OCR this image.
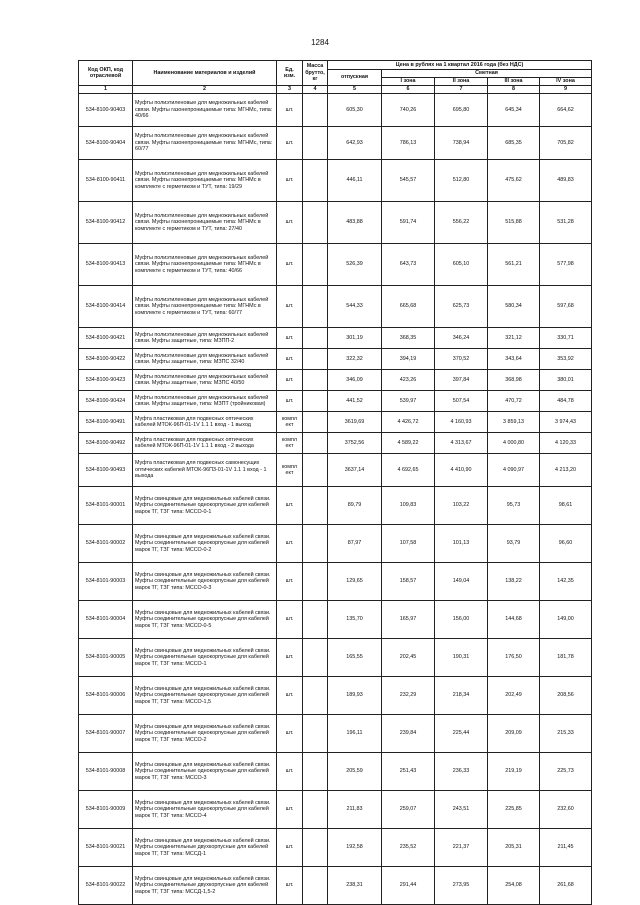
1284
Код ОКП, код отраслевой	Наименование материалов и изделий	Ед. изм.	Масса брутто, кг	Цена в рублях на 1 квартал 2016 года (без НДС)				
				отпускная	Сметная			
					I зона	II зона	III зона	IV зона
1	2	3	4	5	6	7	8	9
534-8100-90403	Муфты полиэтиленовые для медножильных кабелей связи. Муфты газонепроницаемые типа: МГНМс, типа: 40/66	шт.		605,30	740,26	695,80	645,34	664,62
534-8100-90404	Муфты полиэтиленовые для медножильных кабелей связи. Муфты газонепроницаемые типа: МГНМс, типа: 60/77	шт.		642,93	786,13	738,94	685,35	705,82
534-8100-90411	Муфты полиэтиленовые для медножильных кабелей связи. Муфты газонепроницаемые типа: МГНМс в комплекте с герметиком и ТУТ, типа: 19/29	шт.		446,11	545,57	512,80	475,62	489,83
534-8100-90412	Муфты полиэтиленовые для медножильных кабелей связи. Муфты газонепроницаемые типа: МГНМс в комплекте с герметиком и ТУТ, типа: 27/40	шт.		483,88	591,74	556,22	515,88	531,28
534-8100-90413	Муфты полиэтиленовые для медножильных кабелей связи. Муфты газонепроницаемые типа: МГНМс в комплекте с герметиком и ТУТ, типа: 40/66	шт.		526,39	643,73	605,10	561,21	577,98
534-8100-90414	Муфты полиэтиленовые для медножильных кабелей связи. Муфты газонепроницаемые типа: МГНМс в комплекте с герметиком и ТУТ, типа: 60/77	шт.		544,33	665,68	625,73	580,34	597,68
534-8100-90421	Муфты полиэтиленовые для медножильных кабелей связи. Муфты защитные, типа: МЗПП-2	шт.		301,19	368,35	346,24	321,12	330,71
534-8100-90422	Муфты полиэтиленовые для медножильных кабелей связи. Муфты защитные, типа: МЗПС 32/40	шт.		322,32	394,19	370,52	343,64	353,92
534-8100-90423	Муфты полиэтиленовые для медножильных кабелей связи. Муфты защитные, типа: МЗПС 40/50	шт.		346,09	423,26	397,84	368,98	380,01
534-8100-90424	Муфты полиэтиленовые для медножильных кабелей связи. Муфты защитные, типа: МЗПТ (тройниковая)	шт.		441,52	539,97	507,54	470,72	484,78
534-8100-90491	Муфта пластиковая для подвесных оптических кабелей МТОК-96П-01-1V 1.1 1 вход - 1 выход	компл ект		3619,69	4 426,72	4 160,93	3 859,13	3 974,43
534-8100-90492	Муфта пластиковая для подвесных оптических кабелей МТОК-96П-01-1V 1.1 1 вход - 2 выхода	компл ект		3752,56	4 589,22	4 313,67	4 000,80	4 120,33
534-8100-90493	Муфта пластиковая для подвесных самонесущих оптических кабелей МТОК-96П3-01-1V 1.1 1 вход - 1 выхода	компл ект		3637,14	4 692,65	4 410,90	4 090,97	4 213,20
534-8101-90001	Муфты свинцовые для медножильных кабелей связи. Муфты соединительные однокорпусные для кабелей марок ТГ, ТЗГ типа: МССО-0-1	шт.		89,79	109,83	103,22	95,73	98,61
534-8101-90002	Муфты свинцовые для медножильных кабелей связи. Муфты соединительные однокорпусные для кабелей марок ТГ, ТЗГ типа: МССО-0-2	шт.		87,97	107,58	101,13	93,79	96,60
534-8101-90003	Муфты свинцовые для медножильных кабелей связи. Муфты соединительные однокорпусные для кабелей марок ТГ, ТЗГ типа: МССО-0-3	шт.		129,65	158,57	149,04	138,22	142,35
534-8101-90004	Муфты свинцовые для медножильных кабелей связи. Муфты соединительные однокорпусные для кабелей марок ТГ, ТЗГ типа: МССО-0-5	шт.		135,70	165,97	156,00	144,68	149,00
534-8101-90005	Муфты свинцовые для медножильных кабелей связи. Муфты соединительные однокорпусные для кабелей марок ТГ, ТЗГ типа: МССО-1	шт.		165,55	202,45	190,31	176,50	181,78
534-8101-90006	Муфты свинцовые для медножильных кабелей связи. Муфты соединительные однокорпусные для кабелей марок ТГ, ТЗГ типа: МССО-1,5	шт.		189,93	232,29	218,34	202,49	208,56
534-8101-90007	Муфты свинцовые для медножильных кабелей связи. Муфты соединительные однокорпусные для кабелей марок ТГ, ТЗГ типа: МССО-2	шт.		196,11	239,84	225,44	209,09	215,33
534-8101-90008	Муфты свинцовые для медножильных кабелей связи. Муфты соединительные однокорпусные для кабелей марок ТГ, ТЗГ типа: МССО-3	шт.		205,59	251,43	236,33	219,19	225,73
534-8101-90009	Муфты свинцовые для медножильных кабелей связи. Муфты соединительные однокорпусные для кабелей марок ТГ, ТЗГ типа: МССО-4	шт.		211,83	259,07	243,51	225,85	232,60
534-8101-90021	Муфты свинцовые для медножильных кабелей связи. Муфты соединительные двухкорпусные для кабелей марок ТГ, ТЗГ типа: МССД-1	шт.		192,58	235,52	221,37	205,31	211,45
534-8101-90022	Муфты свинцовые для медножильных кабелей связи. Муфты соединительные двухкорпусные для кабелей марок ТГ, ТЗГ типа: МССД-1,5-2	шт.		238,31	291,44	273,95	254,08	261,68
